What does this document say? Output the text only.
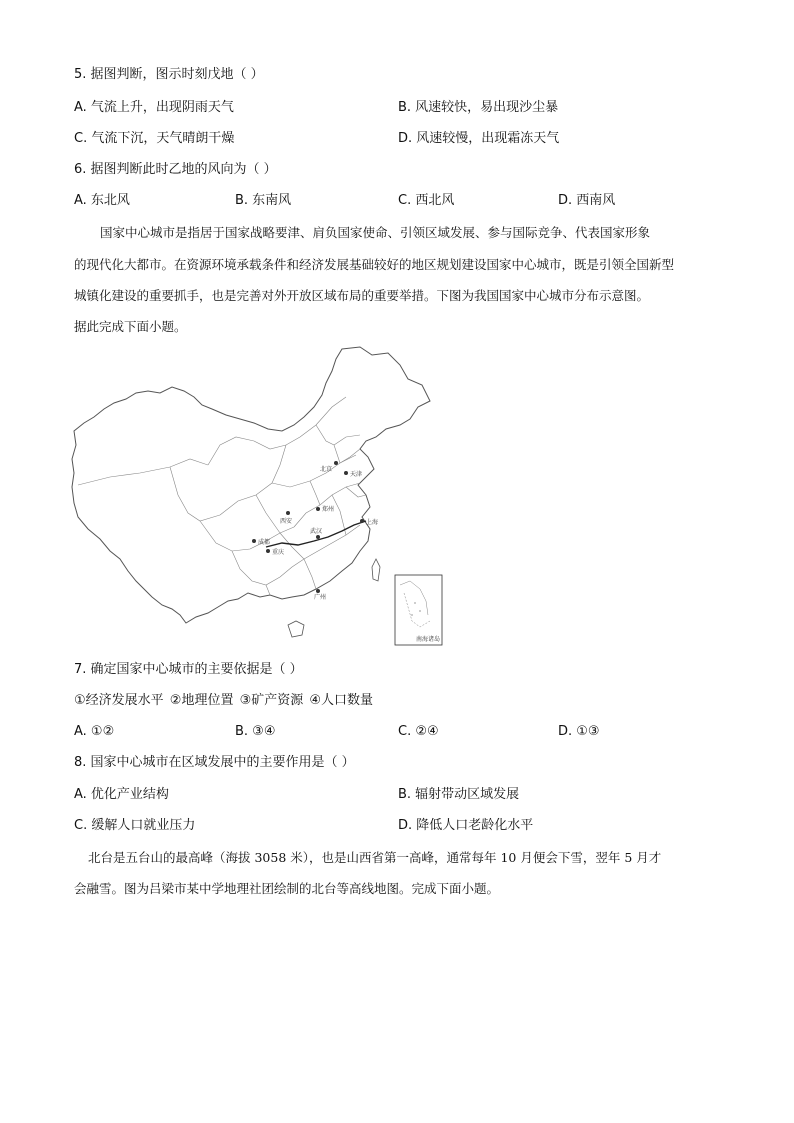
5. 据图判断，图示时刻戊地（ ）
A. 气流上升，出现阴雨天气	B. 风速较快，易出现沙尘暴
C. 气流下沉，天气晴朗干燥	D. 风速较慢，出现霜冻天气
6. 据图判断此时乙地的风向为（ ）
A. 东北风	B. 东南风	C. 西北风	D. 西南风
国家中心城市是指居于国家战略要津、肩负国家使命、引领区域发展、参与国际竞争、代表国家形象
的现代化大都市。在资源环境承载条件和经济发展基础较好的地区规划建设国家中心城市，既是引领全国新型
城镇化建设的重要抓手，也是完善对外开放区域布局的重要举措。下图为我国国家中心城市分布示意图。
据此完成下面小题。
北京
天津
西安
郑州
成都
重庆
武汉
上海
广州
南海诸岛
7. 确定国家中心城市的主要依据是（ ）
①经济发展水平 ②地理位置 ③矿产资源 ④人口数量
A. ①②	B. ③④	C. ②④	D. ①③
8. 国家中心城市在区域发展中的主要作用是（ ）
A. 优化产业结构	B. 辐射带动区域发展
C. 缓解人口就业压力	D. 降低人口老龄化水平
北台是五台山的最高峰（海拔 3058 米），也是山西省第一高峰，通常每年 10 月便会下雪，翌年 5 月才
会融雪。图为吕梁市某中学地理社团绘制的北台等高线地图。完成下面小题。
